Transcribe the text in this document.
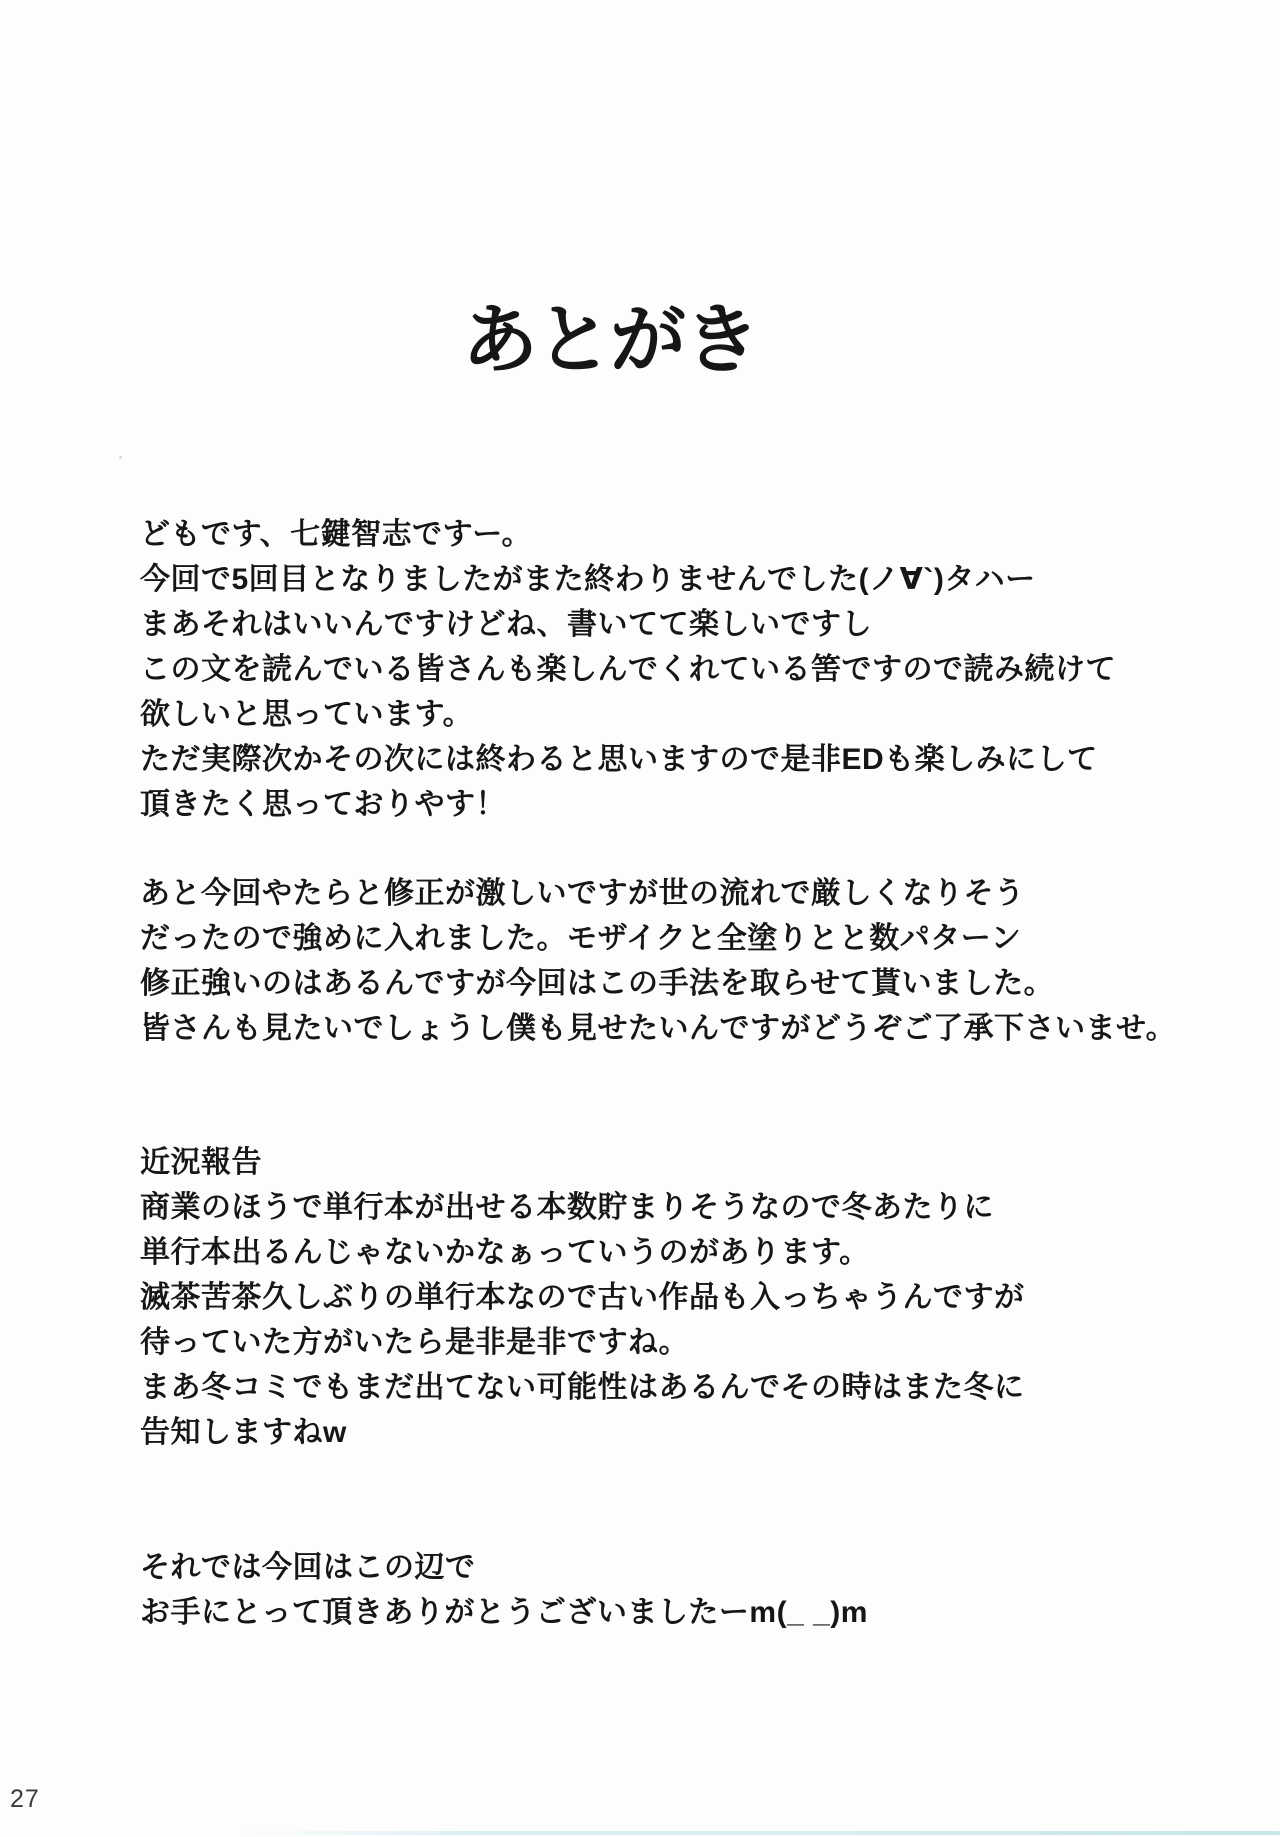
あとがき
どもです、七鍵智志ですー。
今回で5回目となりましたがまた終わりませんでした(ノ∀`)タハー
まあそれはいいんですけどね、書いてて楽しいですし
この文を読んでいる皆さんも楽しんでくれている筈ですので読み続けて
欲しいと思っています。
ただ実際次かその次には終わると思いますので是非EDも楽しみにして
頂きたく思っておりやす！
あと今回やたらと修正が激しいですが世の流れで厳しくなりそう
だったので強めに入れました。モザイクと全塗りとと数パターン
修正強いのはあるんですが今回はこの手法を取らせて貰いました。
皆さんも見たいでしょうし僕も見せたいんですがどうぞご了承下さいませ。
近況報告
商業のほうで単行本が出せる本数貯まりそうなので冬あたりに
単行本出るんじゃないかなぁっていうのがあります。
滅茶苦茶久しぶりの単行本なので古い作品も入っちゃうんですが
待っていた方がいたら是非是非ですね。
まあ冬コミでもまだ出てない可能性はあるんでその時はまた冬に
告知しますねw
それでは今回はこの辺で
お手にとって頂きありがとうございましたーm(_ _)m
27
